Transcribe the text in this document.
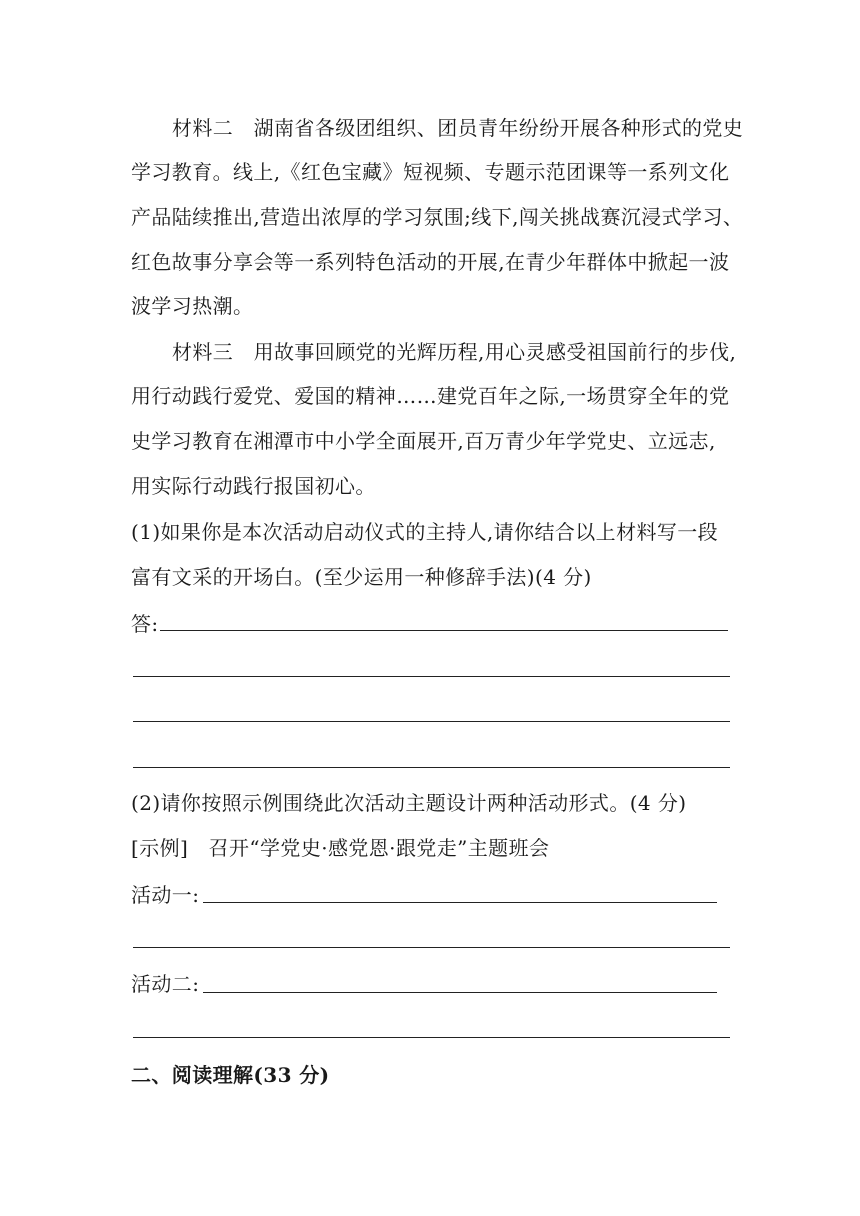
材料二　湖南省各级团组织、团员青年纷纷开展各种形式的党史
学习教育。线上,《红色宝藏》短视频、专题示范团课等一系列文化
产品陆续推出,营造出浓厚的学习氛围;线下,闯关挑战赛沉浸式学习、
红色故事分享会等一系列特色活动的开展,在青少年群体中掀起一波
波学习热潮。
材料三　用故事回顾党的光辉历程,用心灵感受祖国前行的步伐,
用行动践行爱党、爱国的精神……建党百年之际,一场贯穿全年的党
史学习教育在湘潭市中小学全面展开,百万青少年学党史、立远志,
用实际行动践行报国初心。
(1)如果你是本次活动启动仪式的主持人,请你结合以上材料写一段
富有文采的开场白。(至少运用一种修辞手法)(4 分)
答:
(2)请你按照示例围绕此次活动主题设计两种活动形式。(4 分)
[示例]　召开“学党史·感党恩·跟党走”主题班会
活动一:
活动二:
二、阅读理解(33 分)
